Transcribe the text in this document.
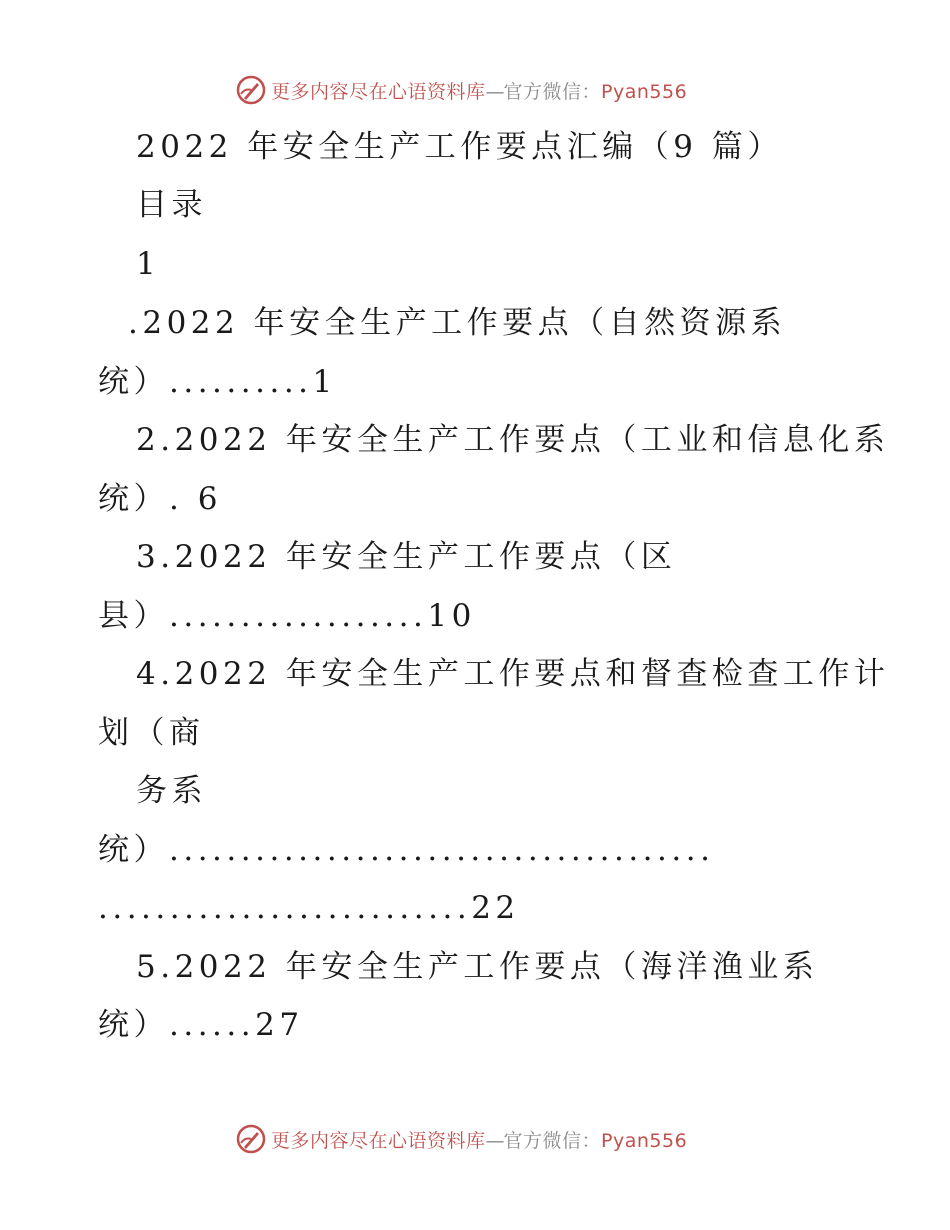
更多内容尽在心语资料库—官方微信：Pyan556
2022 年安全生产工作要点汇编（9 篇）
目录
1
.2022 年安全生产工作要点（自然资源系
统）..........1
2.2022 年安全生产工作要点（工业和信息化系
统）. 6
3.2022 年安全生产工作要点（区
县）..................10
4.2022 年安全生产工作要点和督查检查工作计
划（商
务系
统）......................................
..........................22
5.2022 年安全生产工作要点（海洋渔业系
统）......27
更多内容尽在心语资料库—官方微信：Pyan556
